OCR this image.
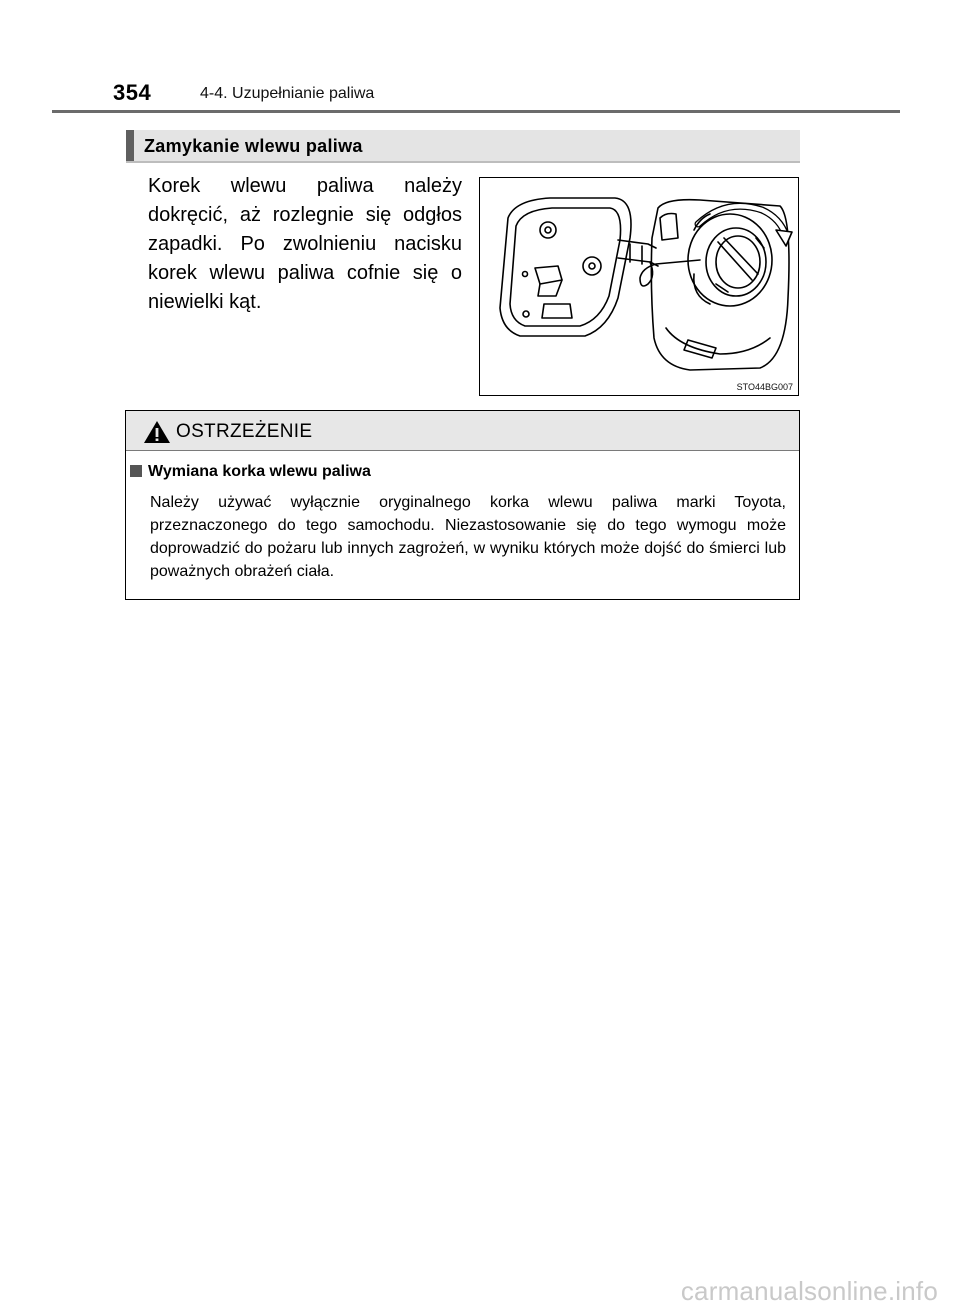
354	4-4. Uzupełnianie paliwa
Zamykanie wlewu paliwa
Korek wlewu paliwa należy dokręcić, aż rozlegnie się odgłos zapadki. Po zwolnieniu nacisku korek wlewu paliwa cofnie się o niewielki kąt.
STO44BG007
OSTRZEŻENIE
Wymiana korka wlewu paliwa
Należy używać wyłącznie oryginalnego korka wlewu paliwa marki Toyota, przeznaczonego do tego samochodu. Niezastosowanie się do tego wymogu może doprowadzić do pożaru lub innych zagrożeń, w wyniku których może dojść do śmierci lub poważnych obrażeń ciała.
carmanualsonline.info
